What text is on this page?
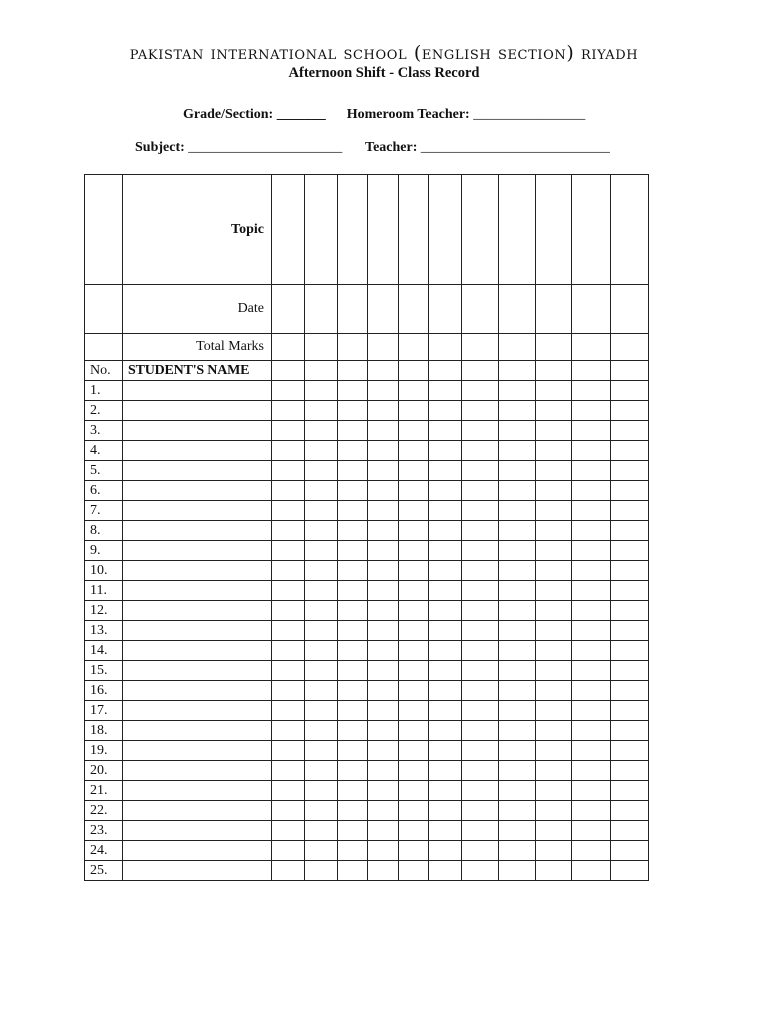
pakistan international school (english section) riyadh
Afternoon Shift - Class Record
Grade/Section: _______ Homeroom Teacher: ________________
Subject: ______________________ Teacher: ___________________________
	Topic											
	Date											
	Total Marks											
No.	STUDENT'S NAME											
1.												
2.												
3.												
4.												
5.												
6.												
7.												
8.												
9.												
10.												
11.												
12.												
13.												
14.												
15.												
16.												
17.												
18.												
19.												
20.												
21.												
22.												
23.												
24.												
25.												
